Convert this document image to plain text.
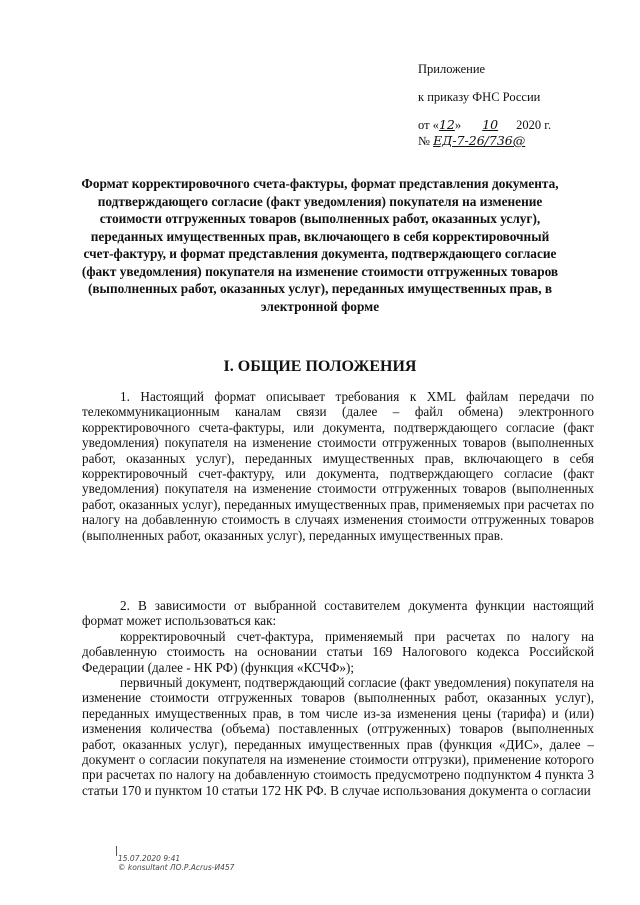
Приложение
к приказу ФНС России
от «12» 10 2020 г.
№ ЕД-7-26/736@
Формат корректировочного счета-фактуры, формат представления документа, подтверждающего согласие (факт уведомления) покупателя на изменение стоимости отгруженных товаров (выполненных работ, оказанных услуг), переданных имущественных прав, включающего в себя корректировочный счет-фактуру, и формат представления документа, подтверждающего согласие (факт уведомления) покупателя на изменение стоимости отгруженных товаров (выполненных работ, оказанных услуг), переданных имущественных прав, в электронной форме
I. ОБЩИЕ ПОЛОЖЕНИЯ

1. Настоящий формат описывает требования к XML файлам передачи по телекоммуникационным каналам связи (далее – файл обмена) электронного корректировочного счета-фактуры, или документа, подтверждающего согласие (факт уведомления) покупателя на изменение стоимости отгруженных товаров (выполненных работ, оказанных услуг), переданных имущественных прав, включающего в себя корректировочный счет-фактуру, или документа, подтверждающего согласие (факт уведомления) покупателя на изменение стоимости отгруженных товаров (выполненных работ, оказанных услуг), переданных имущественных прав, применяемых при расчетах по налогу на добавленную стоимость в случаях изменения стоимости отгруженных товаров (выполненных работ, оказанных услуг), переданных имущественных прав.

2. В зависимости от выбранной составителем документа функции настоящий формат может использоваться как:

корректировочный счет-фактура, применяемый при расчетах по налогу на добавленную стоимость на основании статьи 169 Налогового кодекса Российской Федерации (далее - НК РФ) (функция «КСЧФ»);

первичный документ, подтверждающий согласие (факт уведомления) покупателя на изменение стоимости отгруженных товаров (выполненных работ, оказанных услуг), переданных имущественных прав, в том числе из-за изменения цены (тарифа) и (или) изменения количества (объема) поставленных (отгруженных) товаров (выполненных работ, оказанных услуг), переданных имущественных прав (функция «ДИС», далее – документ о согласии покупателя на изменение стоимости отгрузки), применение которого при расчетах по налогу на добавленную стоимость предусмотрено подпунктом 4 пункта 3 статьи 170 и пунктом 10 статьи 172 НК РФ. В случае использования документа о согласии

15.07.2020 9:41
© konsultant ЛО.Р.Acrus-И457
